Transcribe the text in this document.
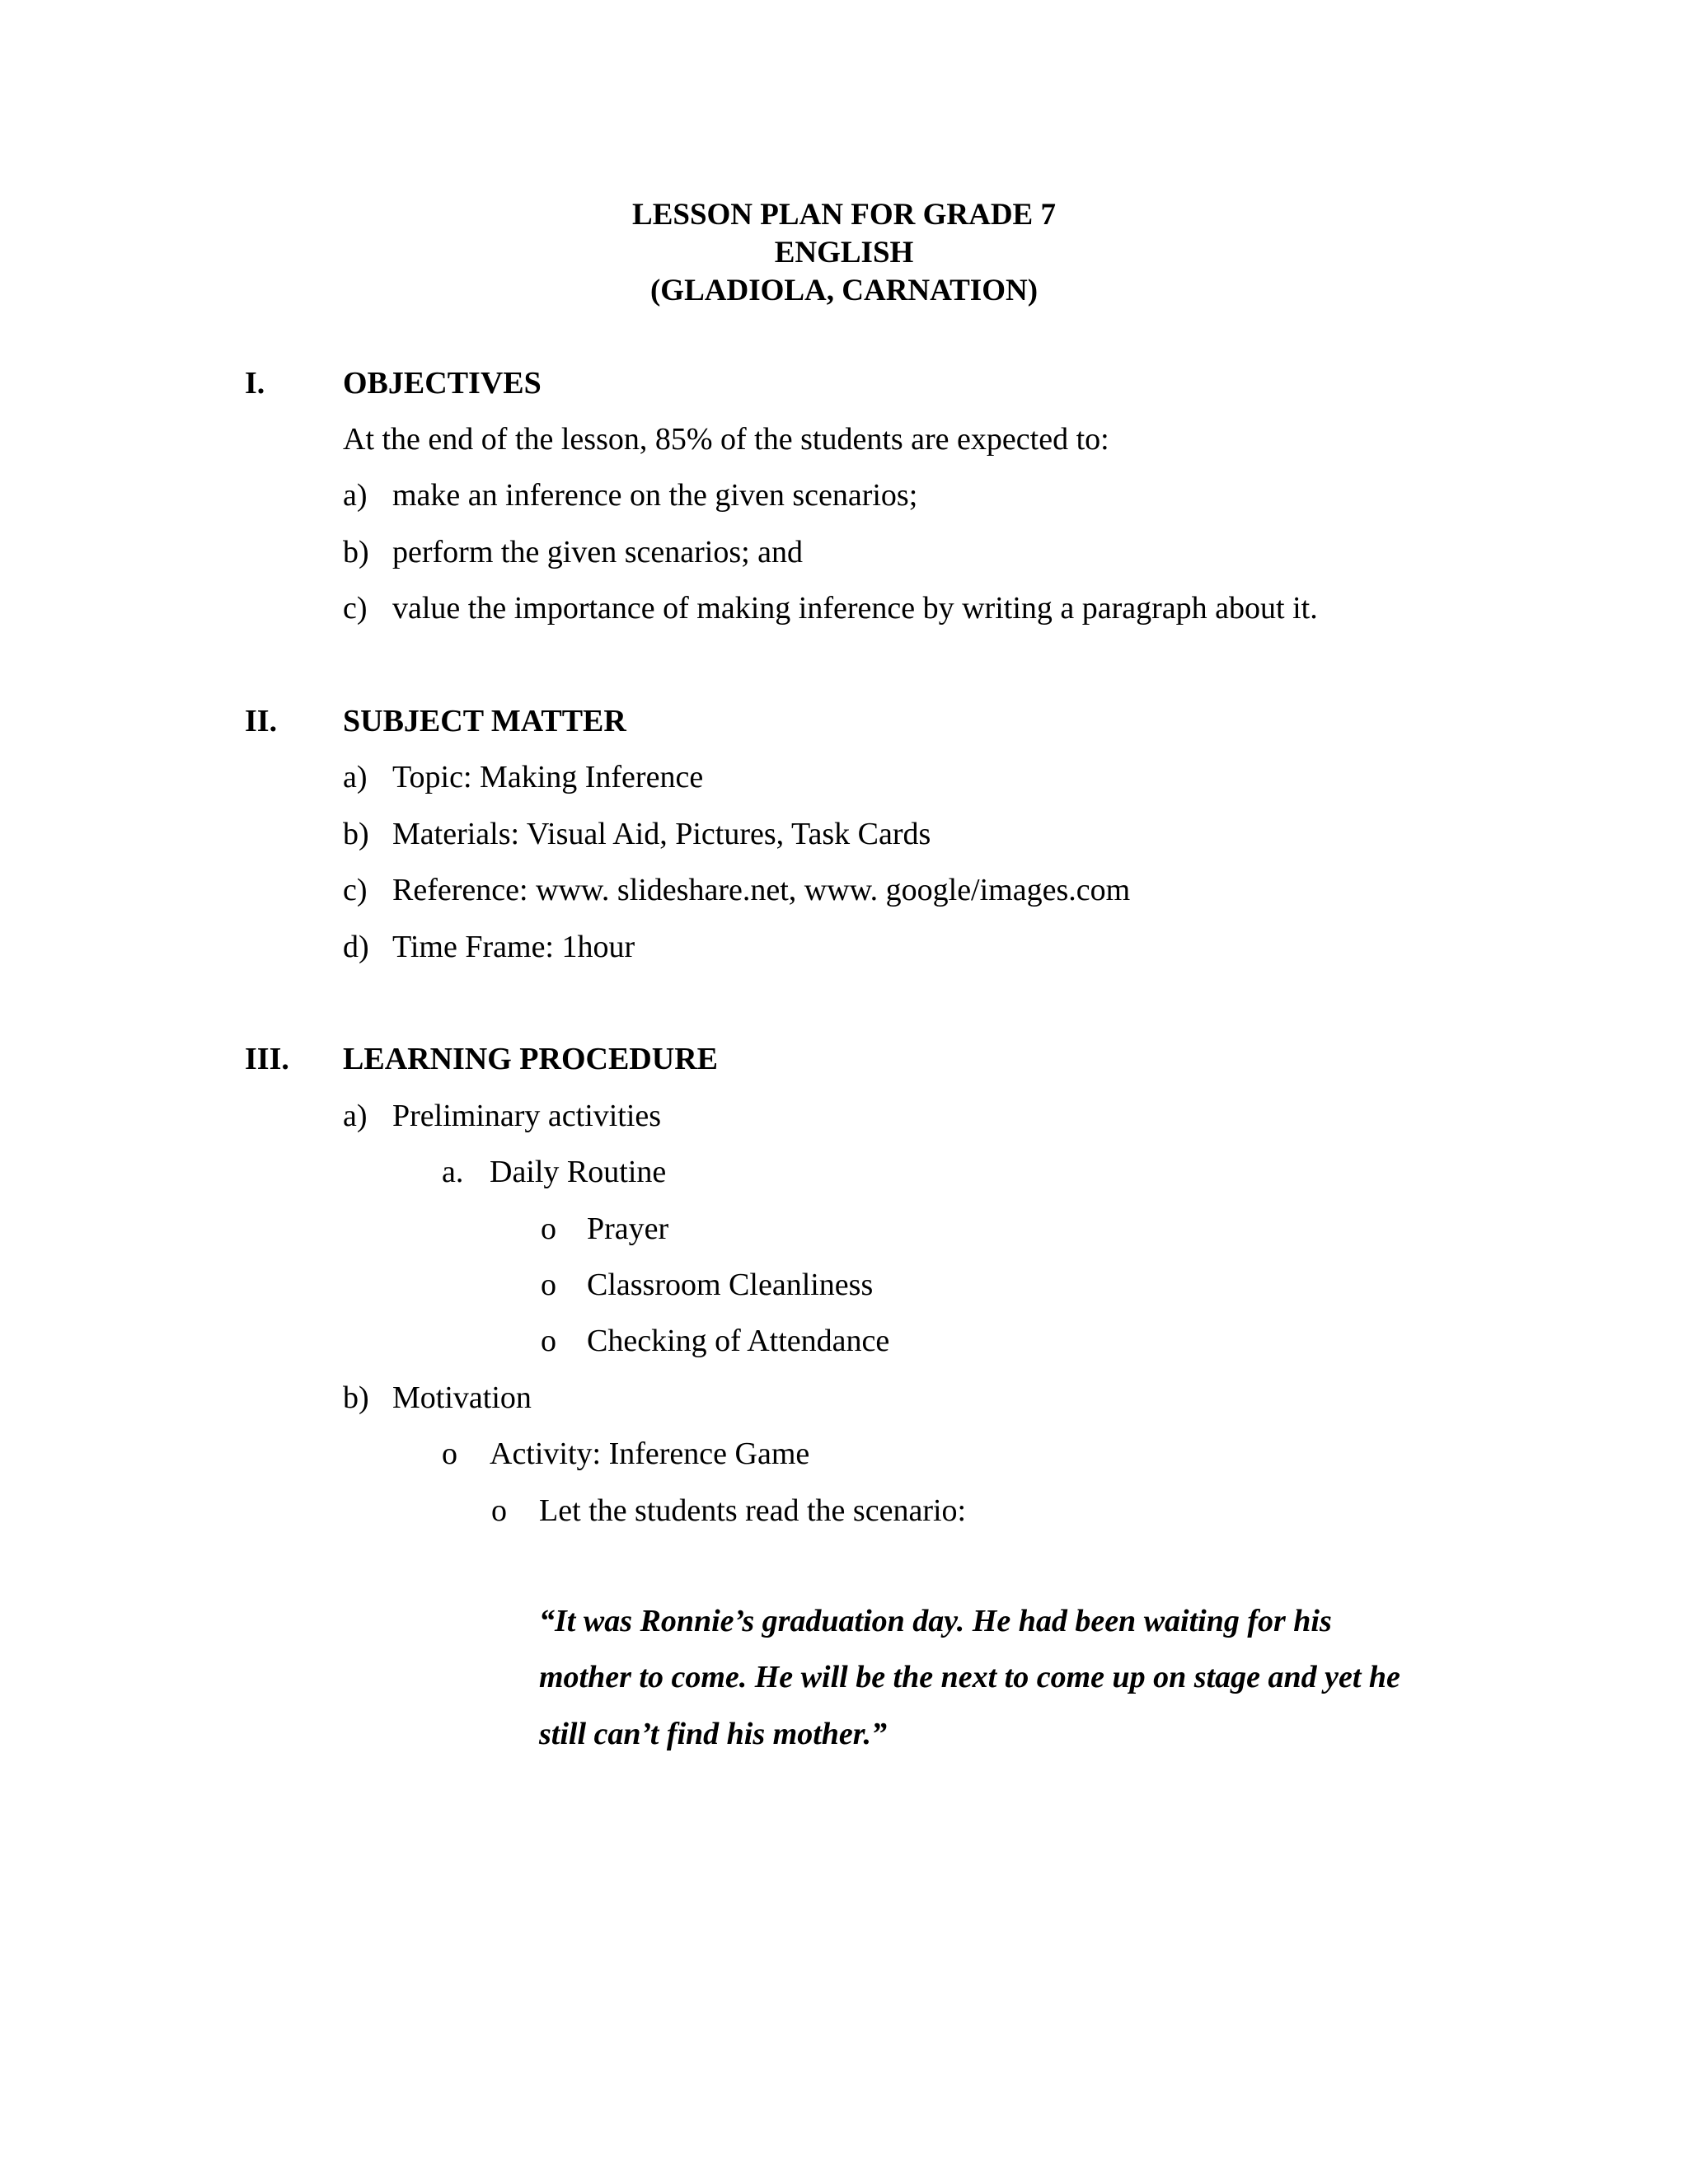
LESSON PLAN FOR GRADE 7
ENGLISH
(GLADIOLA, CARNATION)
I. OBJECTIVES
At the end of the lesson, 85% of the students are expected to:
a) make an inference on the given scenarios;
b) perform the given scenarios; and
c) value the importance of making inference by writing a paragraph about it.
II. SUBJECT MATTER
a) Topic: Making Inference
b) Materials: Visual Aid, Pictures, Task Cards
c) Reference: www. slideshare.net, www. google/images.com
d) Time Frame: 1hour
III. LEARNING PROCEDURE
a) Preliminary activities
a. Daily Routine
o Prayer
o Classroom Cleanliness
o Checking of Attendance
b) Motivation
o Activity: Inference Game
o Let the students read the scenario:
“It was Ronnie’s graduation day. He had been waiting for his
mother to come. He will be the next to come up on stage and yet he
still can’t find his mother.”
